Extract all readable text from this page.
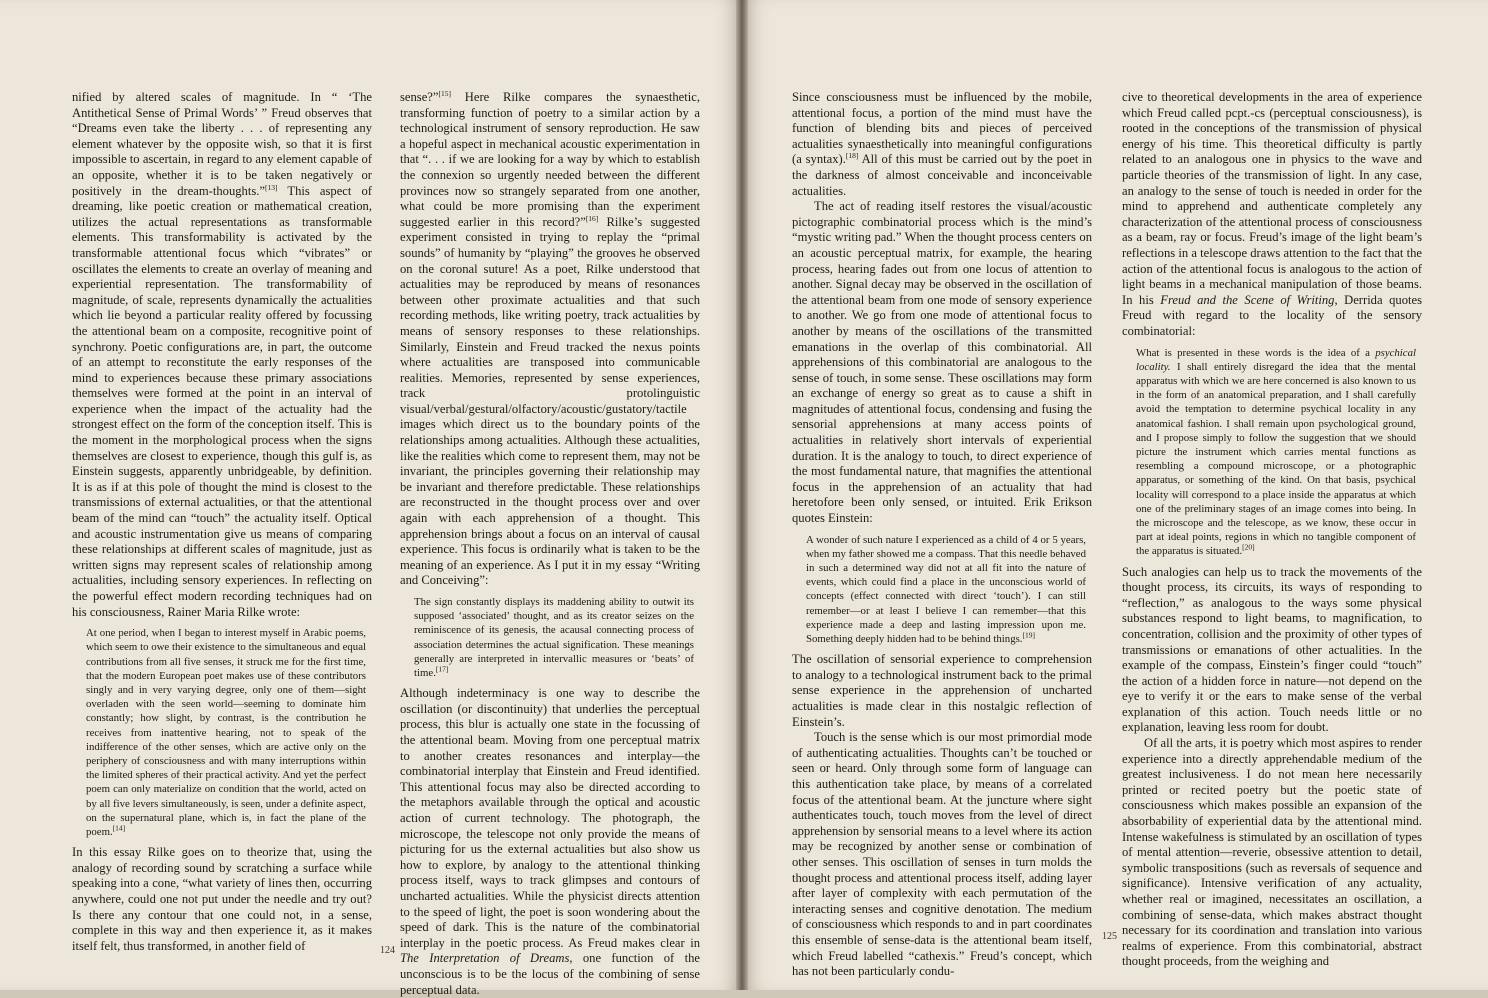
nified by altered scales of magnitude. In “ ‘The Antithetical Sense of Primal Words’ ” Freud observes that “Dreams even take the liberty . . . of representing any element whatever by the opposite wish, so that it is first impossible to ascertain, in regard to any element capable of an opposite, whether it is to be taken negatively or positively in the dream-thoughts.”[13] This aspect of dreaming, like poetic creation or mathematical creation, utilizes the actual representations as transformable elements. This transformability is activated by the transformable attentional focus which “vibrates” or oscillates the elements to create an overlay of meaning and experiential representation. The transformability of magnitude, of scale, represents dynamically the actualities which lie beyond a particular reality offered by focussing the attentional beam on a composite, recognitive point of synchrony. Poetic configurations are, in part, the outcome of an attempt to reconstitute the early responses of the mind to experiences because these primary associations themselves were formed at the point in an interval of experience when the impact of the actuality had the strongest effect on the form of the conception itself. This is the moment in the morphological process when the signs themselves are closest to experience, though this gulf is, as Einstein suggests, apparently unbridgeable, by definition. It is as if at this pole of thought the mind is closest to the transmissions of external actualities, or that the attentional beam of the mind can “touch” the actuality itself. Optical and acoustic instrumentation give us means of comparing these relationships at different scales of magnitude, just as written signs may represent scales of relationship among actualities, including sensory experiences. In reflecting on the powerful effect modern recording techniques had on his consciousness, Rainer Maria Rilke wrote:

At one period, when I began to interest myself in Arabic poems, which seem to owe their existence to the simultaneous and equal contributions from all five senses, it struck me for the first time, that the modern European poet makes use of these contributors singly and in very varying degree, only one of them—sight overladen with the seen world—seeming to dominate him constantly; how slight, by contrast, is the contribution he receives from inattentive hearing, not to speak of the indifference of the other senses, which are active only on the periphery of consciousness and with many interruptions within the limited spheres of their practical activity. And yet the perfect poem can only materialize on condition that the world, acted on by all five levers simultaneously, is seen, under a definite aspect, on the supernatural plane, which is, in fact the plane of the poem.[14]

In this essay Rilke goes on to theorize that, using the analogy of recording sound by scratching a surface while speaking into a cone, “what variety of lines then, occurring anywhere, could one not put under the needle and try out? Is there any contour that one could not, in a sense, complete in this way and then experience it, as it makes itself felt, thus transformed, in another field of

sense?”[15] Here Rilke compares the synaesthetic, transforming function of poetry to a similar action by a technological instrument of sensory reproduction. He saw a hopeful aspect in mechanical acoustic experimentation in that “. . . if we are looking for a way by which to establish the connexion so urgently needed between the different provinces now so strangely separated from one another, what could be more promising than the experiment suggested earlier in this record?”[16] Rilke’s suggested experiment consisted in trying to replay the “primal sounds” of humanity by “playing” the grooves he observed on the coronal suture! As a poet, Rilke understood that actualities may be reproduced by means of resonances between other proximate actualities and that such recording methods, like writing poetry, track actualities by means of sensory responses to these relationships. Similarly, Einstein and Freud tracked the nexus points where actualities are transposed into communicable realities. Memories, represented by sense experiences, track protolinguistic visual/verbal/gestural/olfactory/acoustic/gustatory/tactile images which direct us to the boundary points of the relationships among actualities. Although these actualities, like the realities which come to represent them, may not be invariant, the principles governing their relationship may be invariant and therefore predictable. These relationships are reconstructed in the thought process over and over again with each apprehension of a thought. This apprehension brings about a focus on an interval of causal experience. This focus is ordinarily what is taken to be the meaning of an experience. As I put it in my essay “Writing and Conceiving”:

The sign constantly displays its maddening ability to outwit its supposed ‘associated’ thought, and as its creator seizes on the reminiscence of its genesis, the acausal connecting process of association determines the actual signification. These meanings generally are interpreted in intervallic measures or ‘beats’ of time.[17]

Although indeterminacy is one way to describe the oscillation (or discontinuity) that underlies the perceptual process, this blur is actually one state in the focussing of the attentional beam. Moving from one perceptual matrix to another creates resonances and interplay—the combinatorial interplay that Einstein and Freud identified. This attentional focus may also be directed according to the metaphors available through the optical and acoustic action of current technology. The photograph, the microscope, the telescope not only provide the means of picturing for us the external actualities but also show us how to explore, by analogy to the attentional thinking process itself, ways to track glimpses and contours of uncharted actualities. While the physicist directs attention to the speed of light, the poet is soon wondering about the speed of dark. This is the nature of the combinatorial interplay in the poetic process. As Freud makes clear in The Interpretation of Dreams, one function of the unconscious is to be the locus of the combining of sense perceptual data.

124

Since consciousness must be influenced by the mobile, attentional focus, a portion of the mind must have the function of blending bits and pieces of perceived actualities synaesthetically into meaningful configurations (a syntax).[18] All of this must be carried out by the poet in the darkness of almost conceivable and inconceivable actualities.

The act of reading itself restores the visual/acoustic pictographic combinatorial process which is the mind’s “mystic writing pad.” When the thought process centers on an acoustic perceptual matrix, for example, the hearing process, hearing fades out from one locus of attention to another. Signal decay may be observed in the oscillation of the attentional beam from one mode of sensory experience to another. We go from one mode of attentional focus to another by means of the oscillations of the transmitted emanations in the overlap of this combinatorial. All apprehensions of this combinatorial are analogous to the sense of touch, in some sense. These oscillations may form an exchange of energy so great as to cause a shift in magnitudes of attentional focus, condensing and fusing the sensorial apprehensions at many access points of actualities in relatively short intervals of experiential duration. It is the analogy to touch, to direct experience of the most fundamental nature, that magnifies the attentional focus in the apprehension of an actuality that had heretofore been only sensed, or intuited. Erik Erikson quotes Einstein:

A wonder of such nature I experienced as a child of 4 or 5 years, when my father showed me a compass. That this needle behaved in such a determined way did not at all fit into the nature of events, which could find a place in the unconscious world of concepts (effect connected with direct ‘touch’). I can still remember—or at least I believe I can remember—that this experience made a deep and lasting impression upon me. Something deeply hidden had to be behind things.[19]

The oscillation of sensorial experience to comprehension to analogy to a technological instrument back to the primal sense experience in the apprehension of uncharted actualities is made clear in this nostalgic reflection of Einstein’s.

Touch is the sense which is our most primordial mode of authenticating actualities. Thoughts can’t be touched or seen or heard. Only through some form of language can this authentication take place, by means of a correlated focus of the attentional beam. At the juncture where sight authenticates touch, touch moves from the level of direct apprehension by sensorial means to a level where its action may be recognized by another sense or combination of other senses. This oscillation of senses in turn molds the thought process and attentional process itself, adding layer after layer of complexity with each permutation of the interacting senses and cognitive denotation. The medium of consciousness which responds to and in part coordinates this ensemble of sense-data is the attentional beam itself, which Freud labelled “cathexis.” Freud’s concept, which has not been particularly condu-

cive to theoretical developments in the area of experience which Freud called pcpt.-cs (perceptual consciousness), is rooted in the conceptions of the transmission of physical energy of his time. This theoretical difficulty is partly related to an analogous one in physics to the wave and particle theories of the transmission of light. In any case, an analogy to the sense of touch is needed in order for the mind to apprehend and authenticate completely any characterization of the attentional process of consciousness as a beam, ray or focus. Freud’s image of the light beam’s reflections in a telescope draws attention to the fact that the action of the attentional focus is analogous to the action of light beams in a mechanical manipulation of those beams. In his Freud and the Scene of Writing, Derrida quotes Freud with regard to the locality of the sensory combinatorial:

What is presented in these words is the idea of a psychical locality. I shall entirely disregard the idea that the mental apparatus with which we are here concerned is also known to us in the form of an anatomical preparation, and I shall carefully avoid the temptation to determine psychical locality in any anatomical fashion. I shall remain upon psychological ground, and I propose simply to follow the suggestion that we should picture the instrument which carries mental functions as resembling a compound microscope, or a photographic apparatus, or something of the kind. On that basis, psychical locality will correspond to a place inside the apparatus at which one of the preliminary stages of an image comes into being. In the microscope and the telescope, as we know, these occur in part at ideal points, regions in which no tangible component of the apparatus is situated.[20]

Such analogies can help us to track the movements of the thought process, its circuits, its ways of responding to “reflection,” as analogous to the ways some physical substances respond to light beams, to magnification, to concentration, collision and the proximity of other types of transmissions or emanations of other actualities. In the example of the compass, Einstein’s finger could “touch” the action of a hidden force in nature—not depend on the eye to verify it or the ears to make sense of the verbal explanation of this action. Touch needs little or no explanation, leaving less room for doubt.

Of all the arts, it is poetry which most aspires to render experience into a directly apprehendable medium of the greatest inclusiveness. I do not mean here necessarily printed or recited poetry but the poetic state of consciousness which makes possible an expansion of the absorbability of experiential data by the attentional mind. Intense wakefulness is stimulated by an oscillation of types of mental attention—reverie, obsessive attention to detail, symbolic transpositions (such as reversals of sequence and significance). Intensive verification of any actuality, whether real or imagined, necessitates an oscillation, a combining of sense-data, which makes abstract thought necessary for its coordination and translation into various realms of experience. From this combinatorial, abstract thought proceeds, from the weighing and

125
